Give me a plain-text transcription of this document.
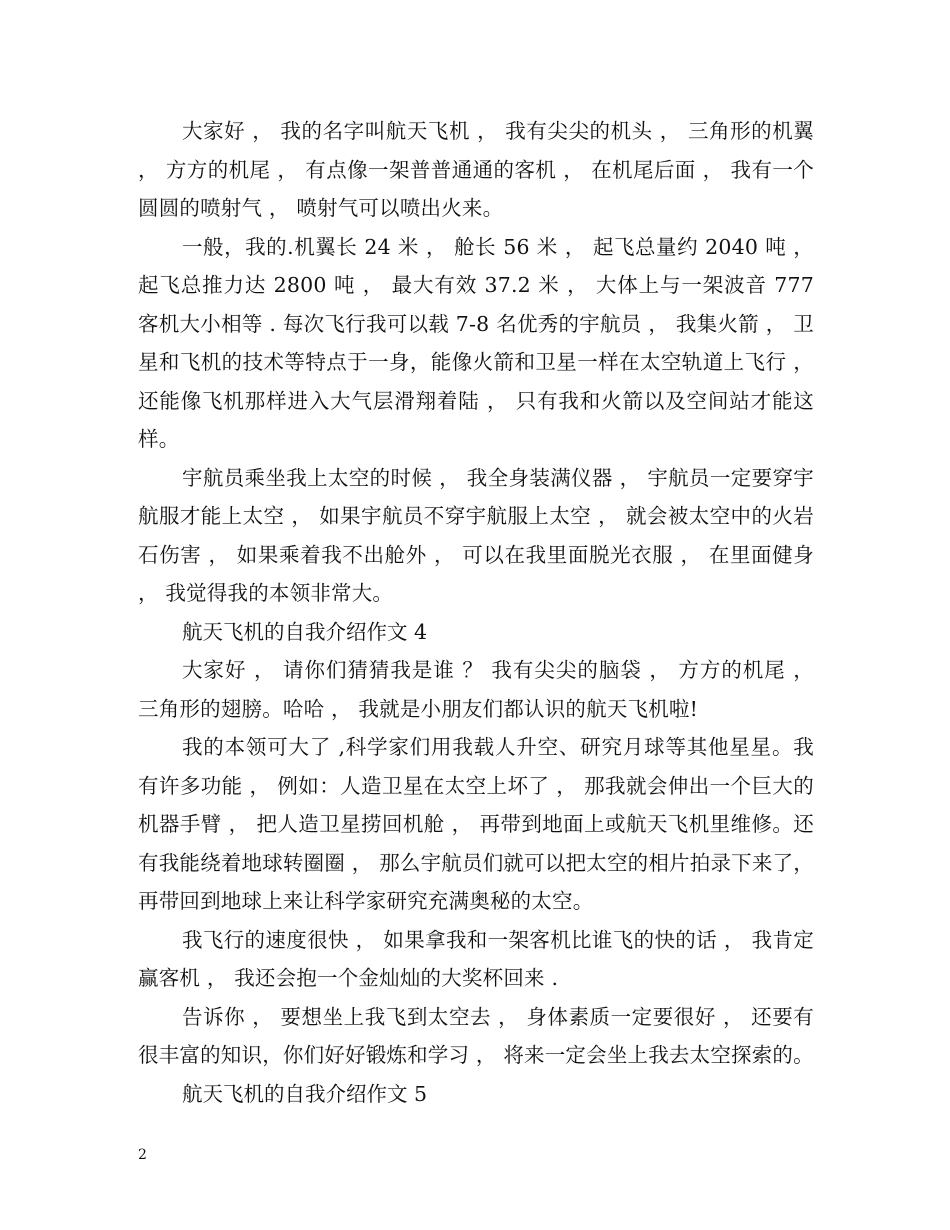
大家好 ， 我的名字叫航天飞机 ， 我有尖尖的机头 ， 三角形的机翼 ， 方方的机尾 ， 有点像一架普普通通的客机 ， 在机尾后面 ， 我有一个圆圆的喷射气 ， 喷射气可以喷出火来。

一般，我的.机翼长 24 米 ， 舱长 56 米 ， 起飞总量约 2040 吨 ， 起飞总推力达 2800 吨 ， 最大有效 37.2 米 ， 大体上与一架波音 777 客机大小相等 . 每次飞行我可以载 7-8 名优秀的宇航员 ， 我集火箭 ， 卫星和飞机的技术等特点于一身，能像火箭和卫星一样在太空轨道上飞行 ， 还能像飞机那样进入大气层滑翔着陆 ， 只有我和火箭以及空间站才能这样。

宇航员乘坐我上太空的时候 ， 我全身装满仪器 ， 宇航员一定要穿宇航服才能上太空 ， 如果宇航员不穿宇航服上太空 ， 就会被太空中的火岩石伤害 ， 如果乘着我不出舱外 ， 可以在我里面脱光衣服 ， 在里面健身 ， 我觉得我的本领非常大。

航天飞机的自我介绍作文 4

大家好 ， 请你们猜猜我是谁 ？ 我有尖尖的脑袋 ， 方方的机尾 ， 三角形的翅膀。哈哈 ， 我就是小朋友们都认识的航天飞机啦!

我的本领可大了 ,科学家们用我载人升空、研究月球等其他星星。我有许多功能 ， 例如：人造卫星在太空上坏了 ， 那我就会伸出一个巨大的机器手臂 ， 把人造卫星捞回机舱 ， 再带到地面上或航天飞机里维修。还有我能绕着地球转圈圈 ， 那么宇航员们就可以把太空的相片拍录下来了，再带回到地球上来让科学家研究充满奥秘的太空。

我飞行的速度很快 ， 如果拿我和一架客机比谁飞的快的话 ， 我肯定赢客机 ， 我还会抱一个金灿灿的大奖杯回来 .

告诉你 ， 要想坐上我飞到太空去 ， 身体素质一定要很好 ， 还要有很丰富的知识，你们好好锻炼和学习 ， 将来一定会坐上我去太空探索的。

航天飞机的自我介绍作文 5

2
